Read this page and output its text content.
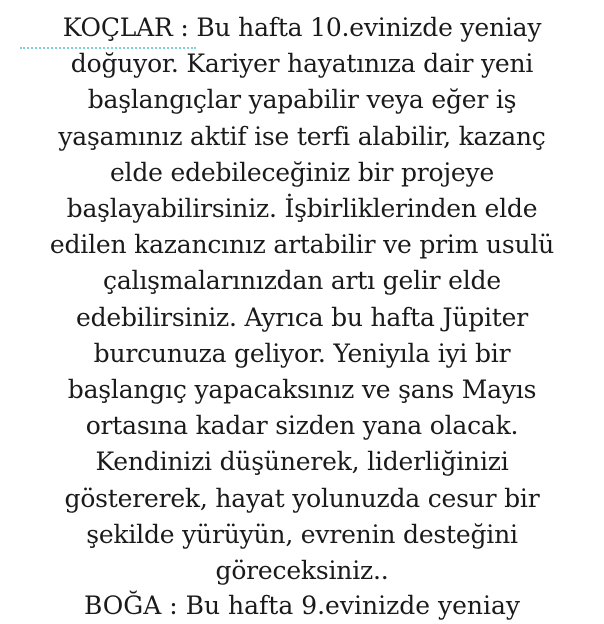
KOÇLAR : Bu hafta 10.evinizde yeniay
doğuyor. Kariyer hayatınıza dair yeni
başlangıçlar yapabilir veya eğer iş
yaşamınız aktif ise terfi alabilir, kazanç
elde edebileceğiniz bir projeye
başlayabilirsiniz. İşbirliklerinden elde
edilen kazancınız artabilir ve prim usulü
çalışmalarınızdan artı gelir elde
edebilirsiniz. Ayrıca bu hafta Jüpiter
burcunuza geliyor. Yeniyıla iyi bir
başlangıç yapacaksınız ve şans Mayıs
ortasına kadar sizden yana olacak.
Kendinizi düşünerek, liderliğinizi
göstererek, hayat yolunuzda cesur bir
şekilde yürüyün, evrenin desteğini
göreceksiniz..
BOĞA : Bu hafta 9.evinizde yeniay
